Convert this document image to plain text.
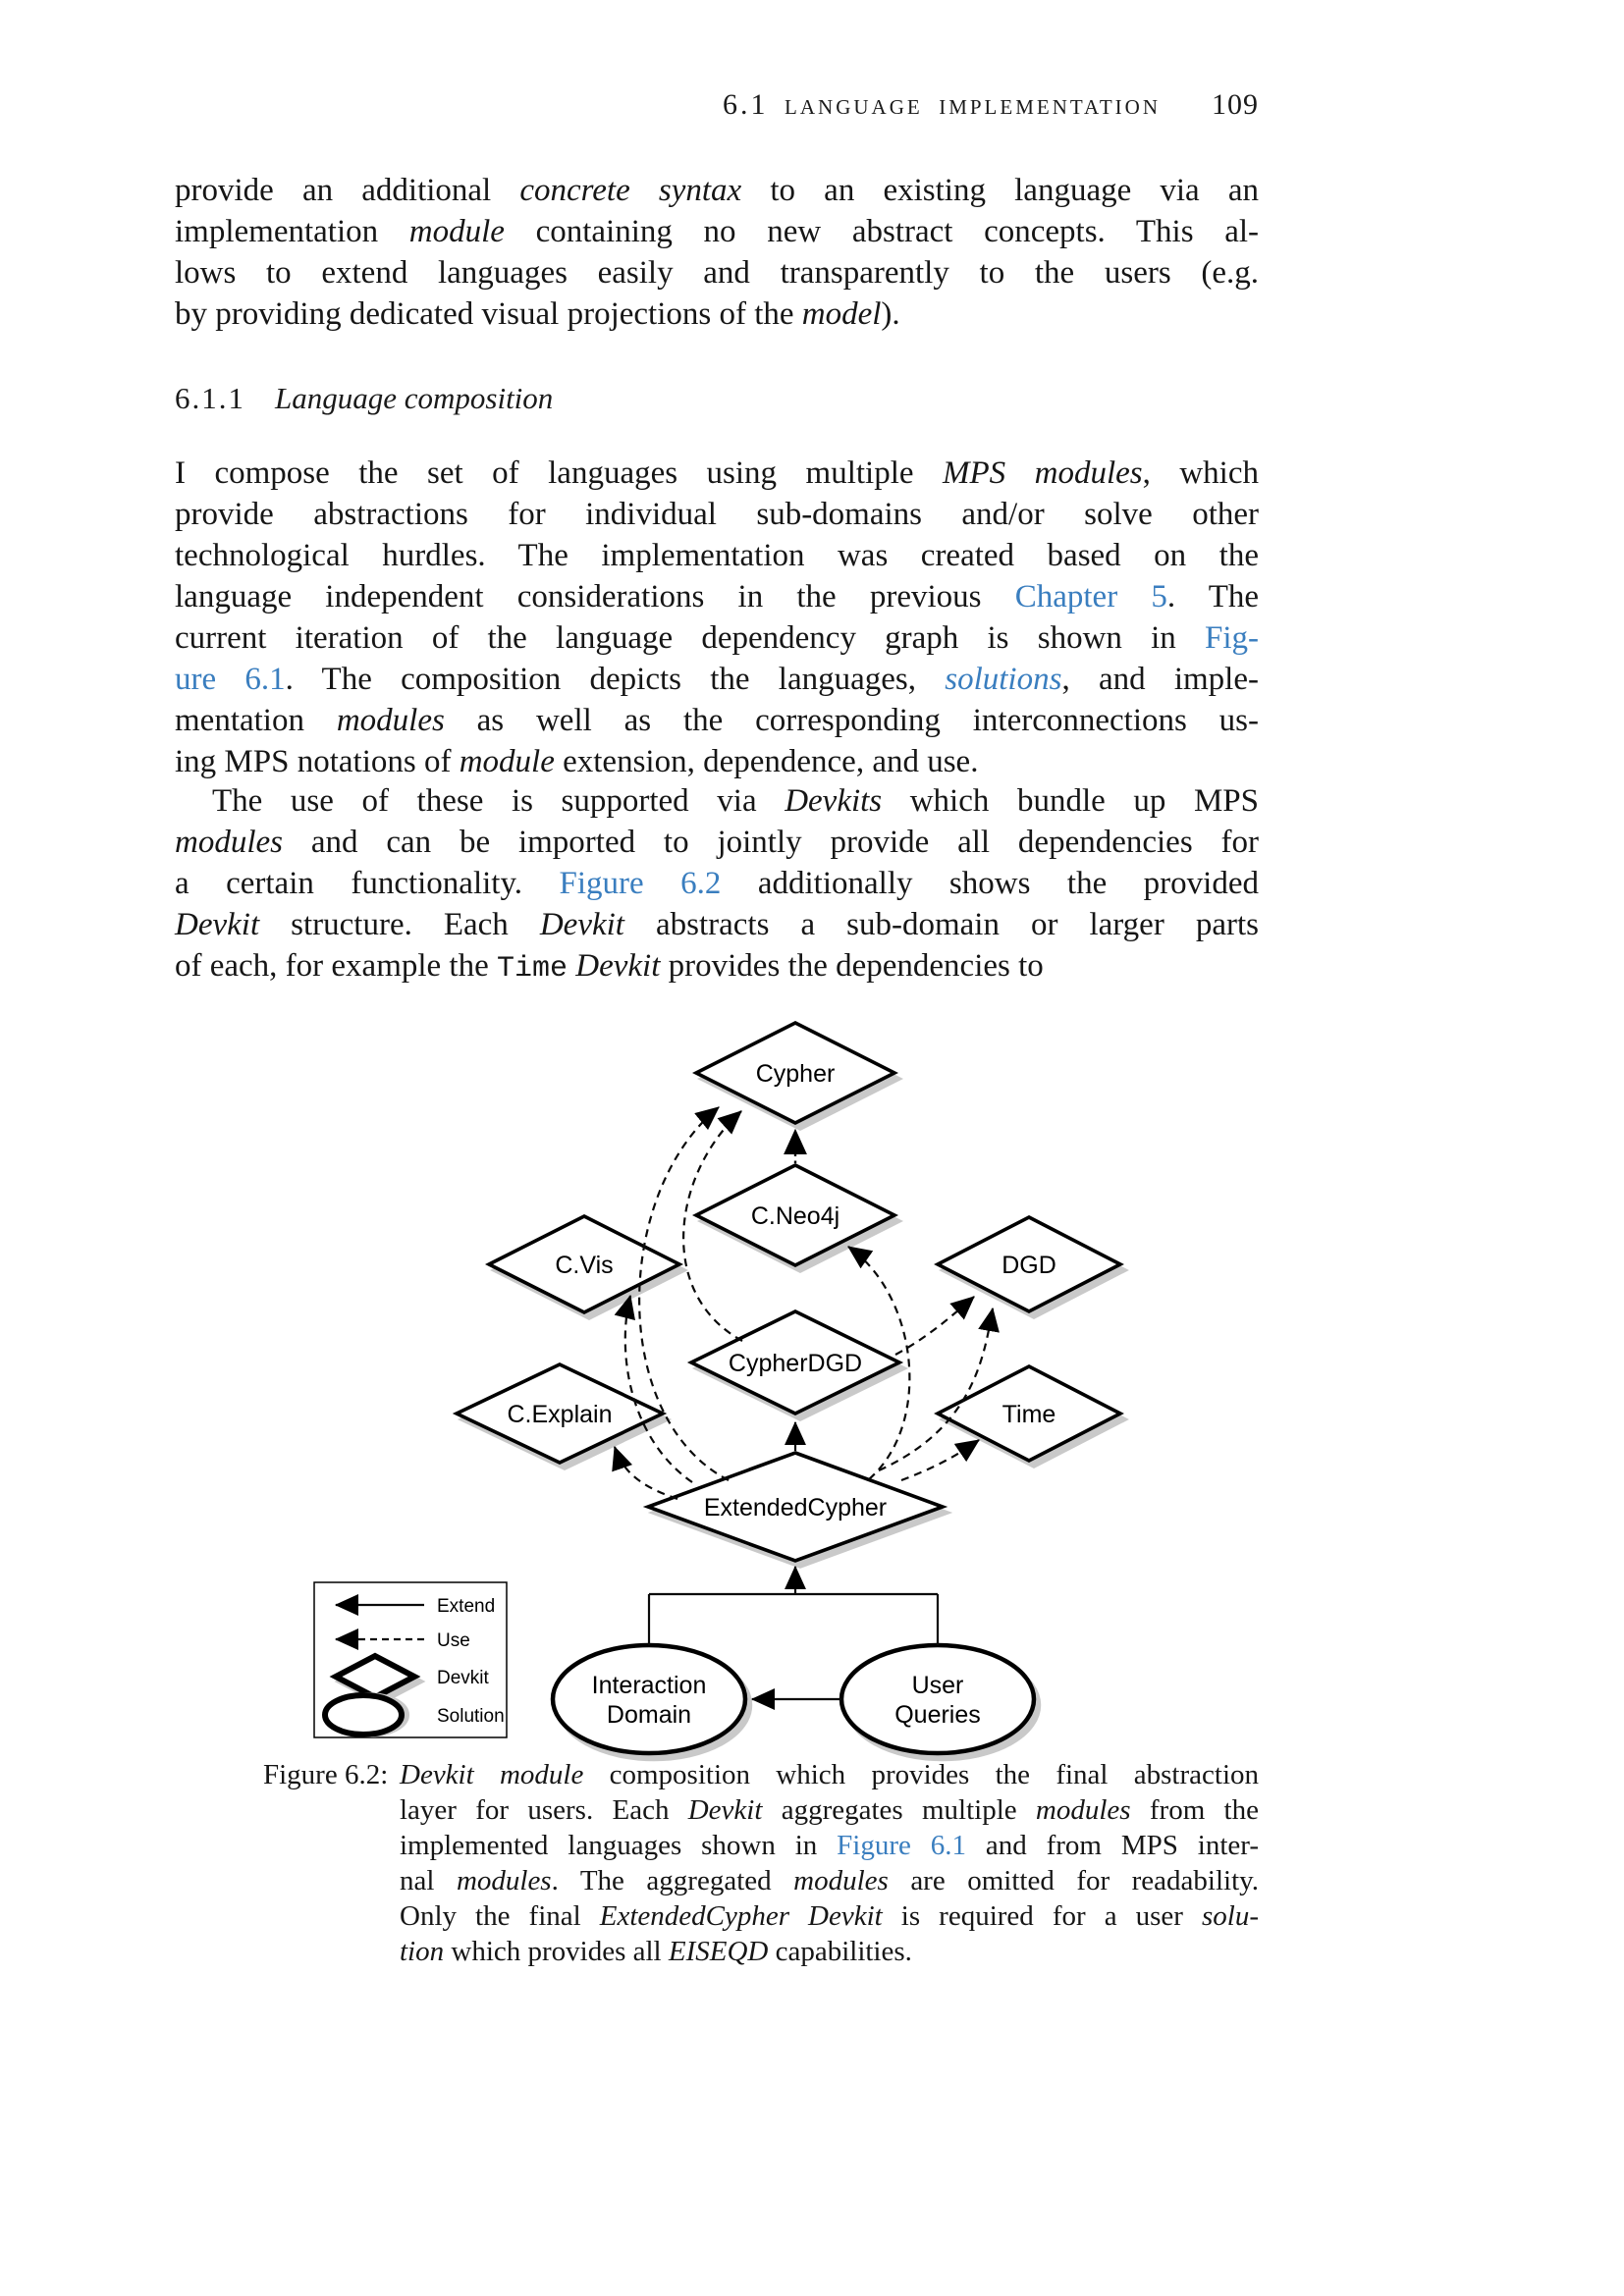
6.1 language implementation 109
provide an additional concrete syntax to an existing language via an
implementation module containing no new abstract concepts. This al-
lows to extend languages easily and transparently to the users (e.g.
by providing dedicated visual projections of the model).
6.1.1 Language composition
I compose the set of languages using multiple MPS modules, which
provide abstractions for individual sub-domains and/or solve other
technological hurdles. The implementation was created based on the
language independent considerations in the previous Chapter 5. The
current iteration of the language dependency graph is shown in Fig-
ure 6.1. The composition depicts the languages, solutions, and imple-
mentation modules as well as the corresponding interconnections us-
ing MPS notations of module extension, dependence, and use.
The use of these is supported via Devkits which bundle up MPS
modules and can be imported to jointly provide all dependencies for
a certain functionality. Figure 6.2 additionally shows the provided
Devkit structure. Each Devkit abstracts a sub-domain or larger parts
of each, for example the Time Devkit provides the dependencies to
Cypher
C.Neo4j
C.Vis	DGD
CypherDGD
C.Explain	Time
ExtendedCypher
Interaction
Domain
User
Queries
Extend
Use
Devkit
Solution
Figure 6.2: Devkit module composition which provides the final abstraction
layer for users. Each Devkit aggregates multiple modules from the
implemented languages shown in Figure 6.1 and from MPS inter-
nal modules. The aggregated modules are omitted for readability.
Only the final ExtendedCypher Devkit is required for a user solu-
tion which provides all EISEQD capabilities.
